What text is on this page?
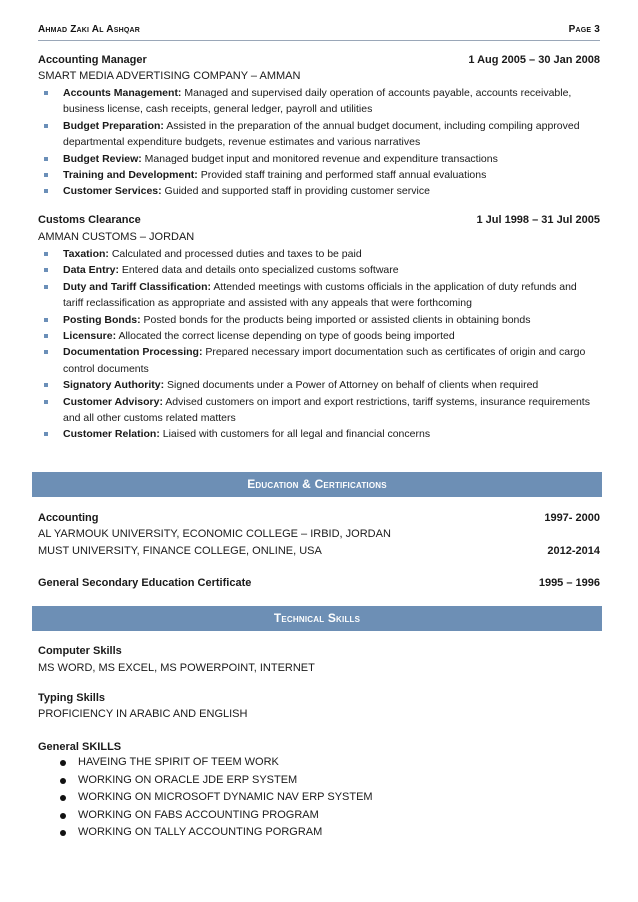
Ahmad Zaki Al Ashqar	Page 3
Accounting Manager	1 Aug 2005 – 30 Jan 2008
SMART MEDIA ADVERTISING COMPANY – AMMAN
Accounts Management: Managed and supervised daily operation of accounts payable, accounts receivable,
business license, cash receipts, general ledger, payroll and utilities
Budget Preparation: Assisted in the preparation of the annual budget document, including compiling approved
departmental expenditure budgets, revenue estimates and various narratives
Budget Review: Managed budget input and monitored revenue and expenditure transactions
Training and Development: Provided staff training and performed staff annual evaluations
Customer Services: Guided and supported staff in providing customer service
Customs Clearance	1 Jul 1998 – 31 Jul 2005
AMMAN CUSTOMS – JORDAN
Taxation: Calculated and processed duties and taxes to be paid
Data Entry: Entered data and details onto specialized customs software
Duty and Tariff Classification: Attended meetings with customs officials in the application of duty refunds and
tariff reclassification as appropriate and assisted with any appeals that were forthcoming
Posting Bonds: Posted bonds for the products being imported or assisted clients in obtaining bonds
Licensure: Allocated the correct license depending on type of goods being imported
Documentation Processing: Prepared necessary import documentation such as certificates of origin and cargo
control documents
Signatory Authority: Signed documents under a Power of Attorney on behalf of clients when required
Customer Advisory: Advised customers on import and export restrictions, tariff systems, insurance requirements
and all other customs related matters
Customer Relation: Liaised with customers for all legal and financial concerns
Education & Certifications
Accounting	1997- 2000
AL YARMOUK UNIVERSITY, ECONOMIC COLLEGE – IRBID, JORDAN
MUST UNIVERSITY, FINANCE COLLEGE, ONLINE, USA	2012-2014
General Secondary Education Certificate	1995 – 1996
Technical Skills
Computer Skills
MS WORD, MS EXCEL, MS POWERPOINT, INTERNET
Typing Skills
PROFICIENCY IN ARABIC AND ENGLISH
General SKILLS
HAVEING THE SPIRIT OF TEEM WORK
WORKING ON ORACLE JDE ERP SYSTEM
WORKING ON MICROSOFT DYNAMIC NAV ERP SYSTEM
WORKING ON FABS ACCOUNTING PROGRAM
WORKING ON TALLY ACCOUNTING PORGRAM
